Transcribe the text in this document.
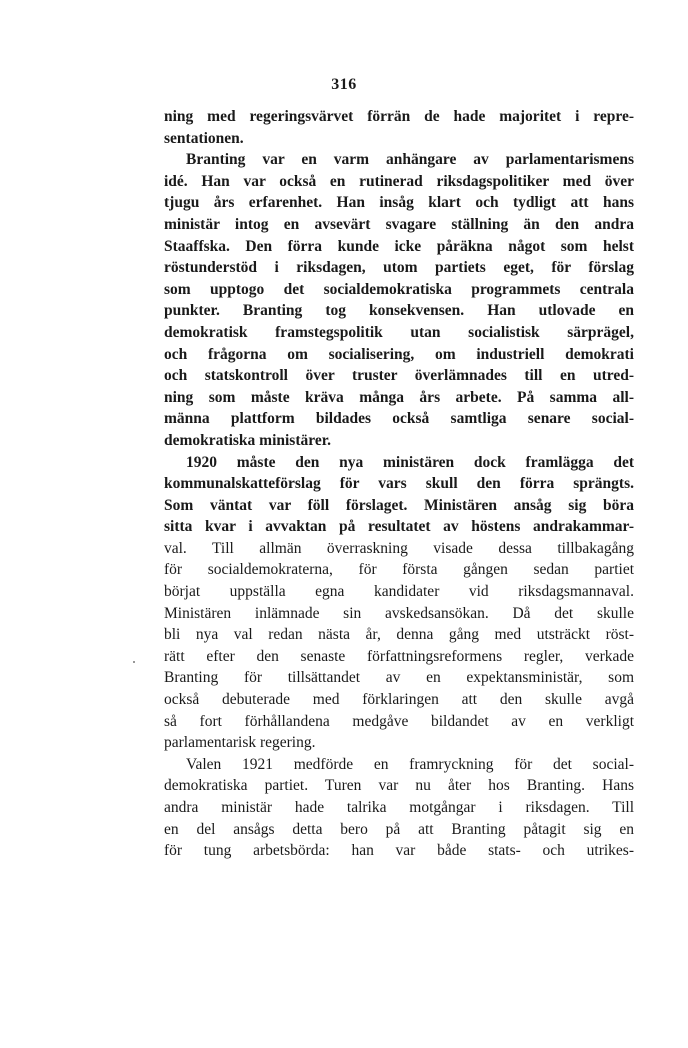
316
ning med regeringsvärvet förrän de hade majoritet i repre-
sentationen.
Branting var en varm anhängare av parlamentarismens
idé. Han var också en rutinerad riksdagspolitiker med över
tjugu års erfarenhet. Han insåg klart och tydligt att hans
ministär intog en avsevärt svagare ställning än den andra
Staaffska. Den förra kunde icke påräkna något som helst
röstunderstöd i riksdagen, utom partiets eget, för förslag
som upptogo det socialdemokratiska programmets centrala
punkter. Branting tog konsekvensen. Han utlovade en
demokratisk framstegspolitik utan socialistisk särprägel,
och frågorna om socialisering, om industriell demokrati
och statskontroll över truster överlämnades till en utred-
ning som måste kräva många års arbete. På samma all-
männa plattform bildades också samtliga senare social-
demokratiska ministärer.
1920 måste den nya ministären dock framlägga det
kommunalskatteförslag för vars skull den förra sprängts.
Som väntat var föll förslaget. Ministären ansåg sig böra
sitta kvar i avvaktan på resultatet av höstens andrakammar-
val. Till allmän överraskning visade dessa tillbakagång
för socialdemokraterna, för första gången sedan partiet
börjat uppställa egna kandidater vid riksdagsmannaval.
Ministären inlämnade sin avskedsansökan. Då det skulle
bli nya val redan nästa år, denna gång med utsträckt röst-
rätt efter den senaste författningsreformens regler, verkade
Branting för tillsättandet av en expektansministär, som
också debuterade med förklaringen att den skulle avgå
så fort förhållandena medgåve bildandet av en verkligt
parlamentarisk regering.
Valen 1921 medförde en framryckning för det social-
demokratiska partiet. Turen var nu åter hos Branting. Hans
andra ministär hade talrika motgångar i riksdagen. Till
en del ansågs detta bero på att Branting påtagit sig en
för tung arbetsbörda: han var både stats- och utrikes-
